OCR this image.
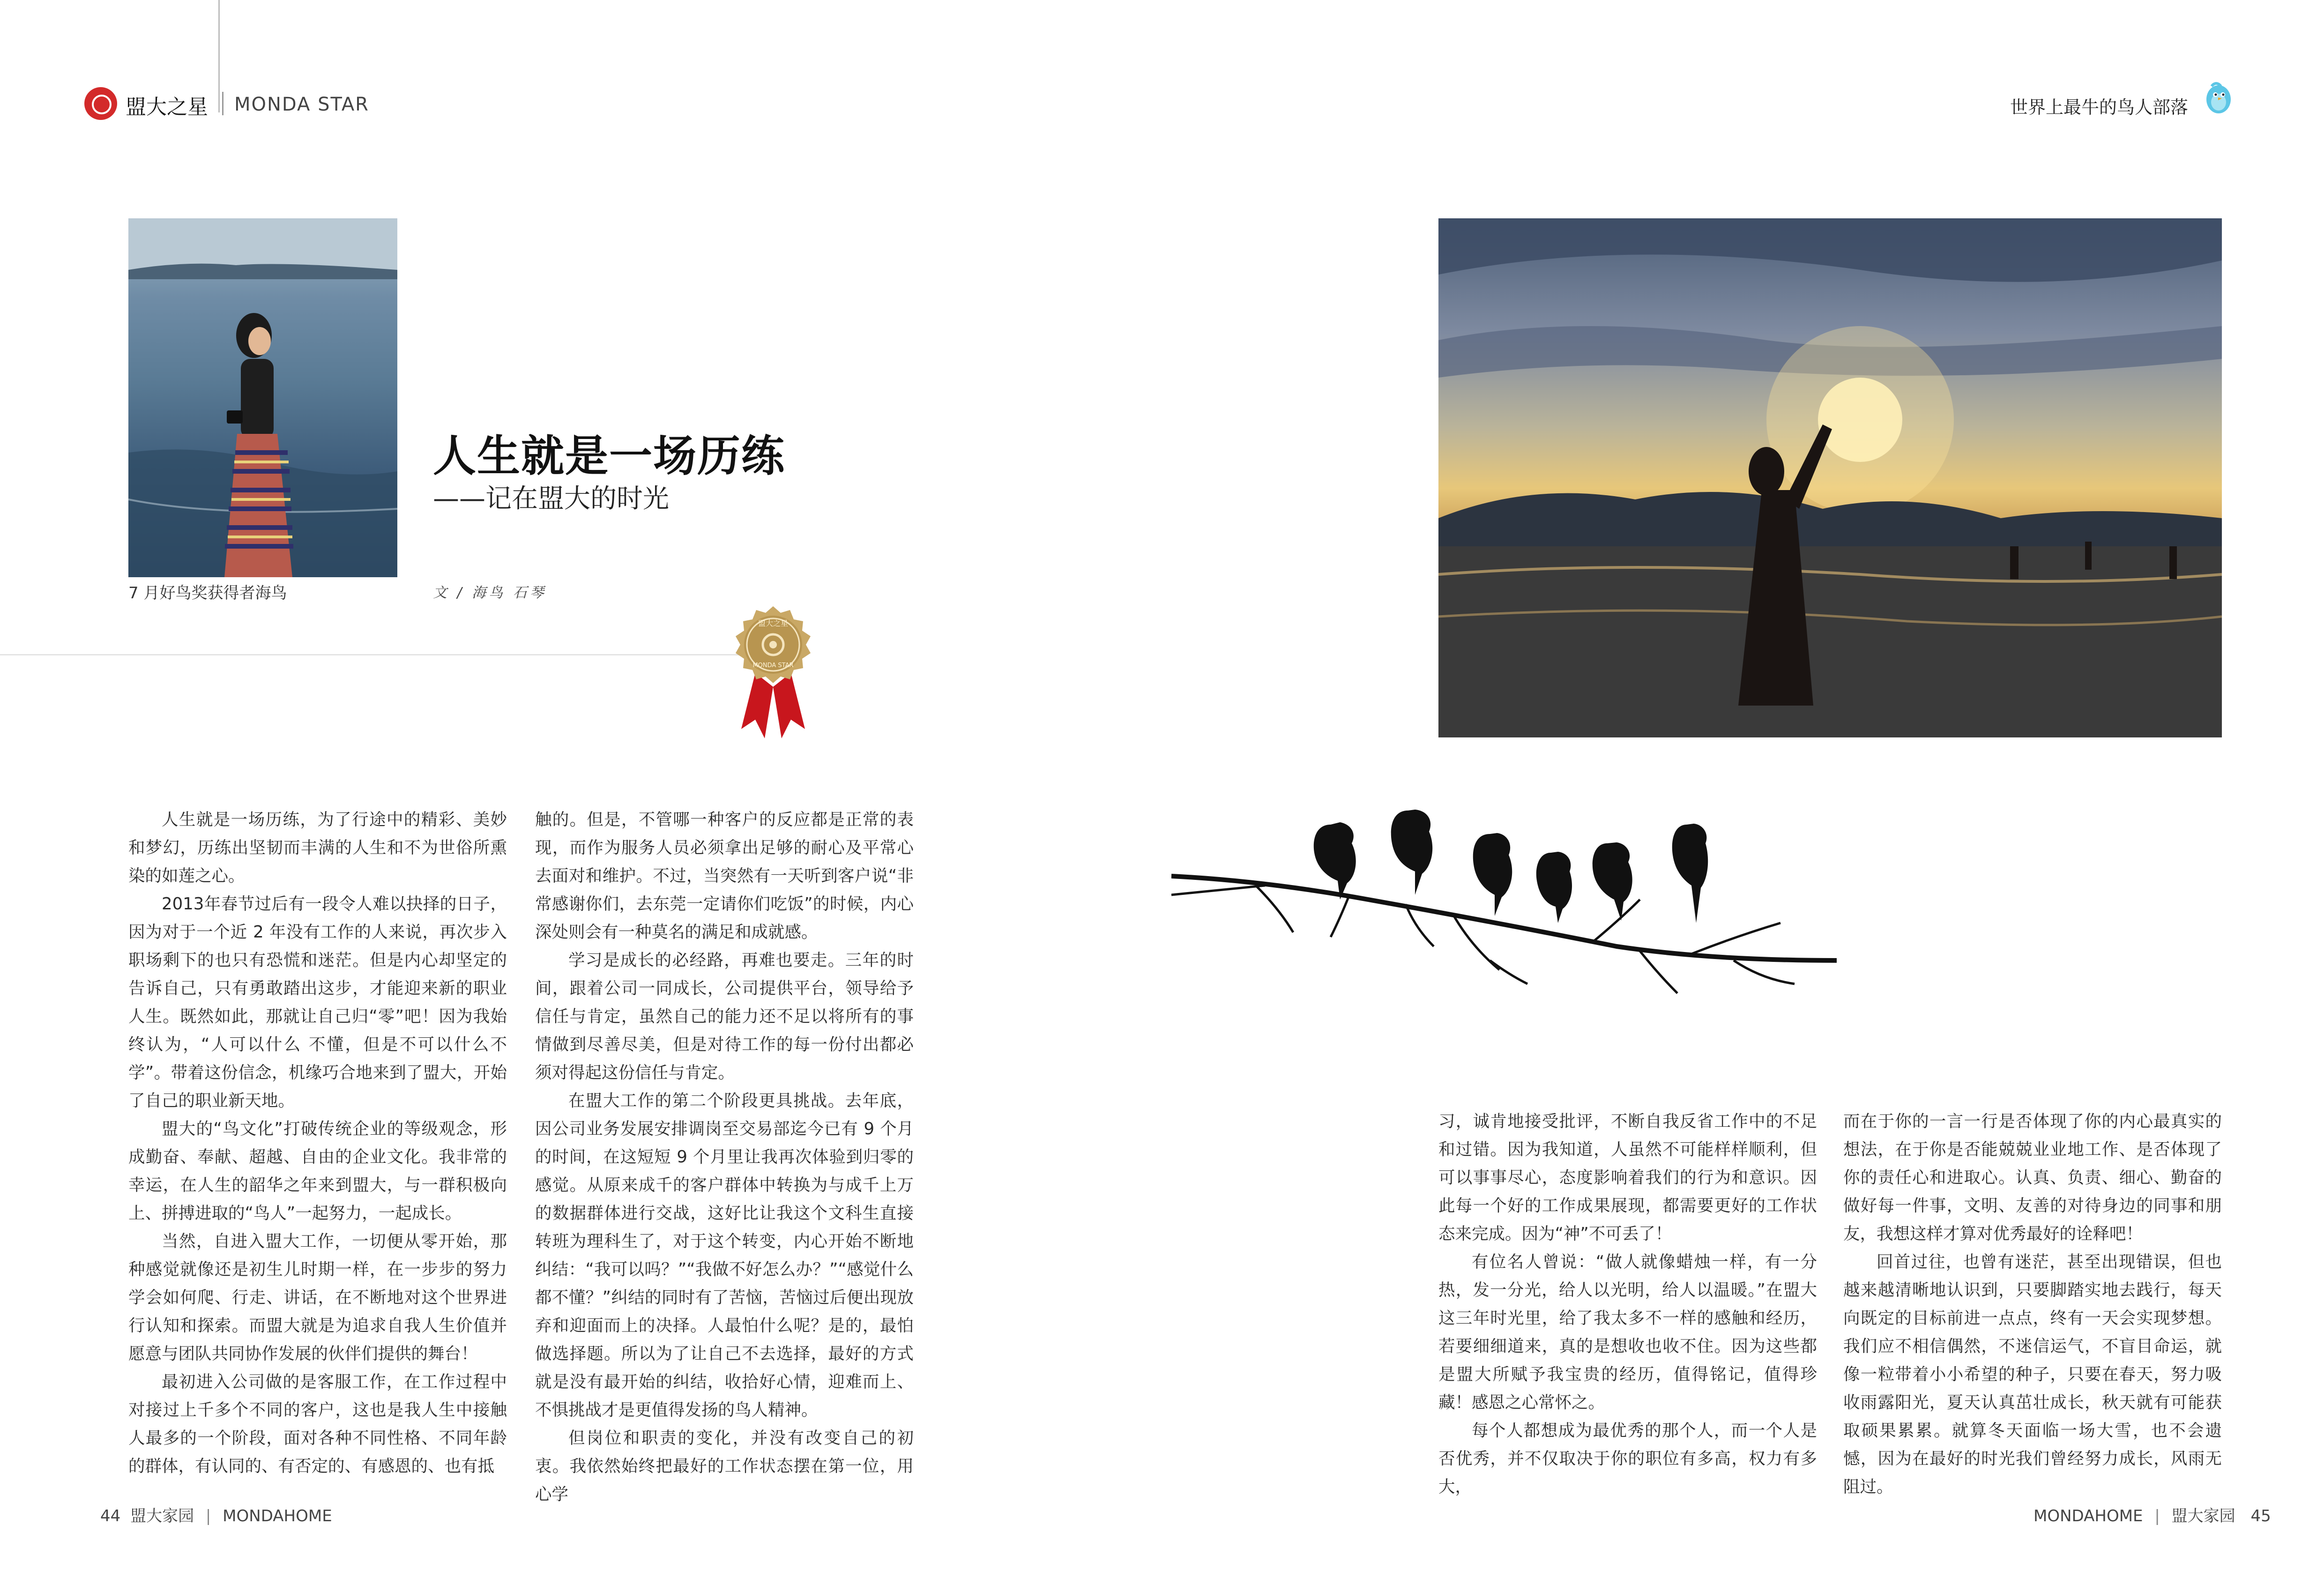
盟大之星 MONDA STAR	世界上最牛的鸟人部落
7 月好鸟奖获得者海鸟
人生就是一场历练
——记在盟大的时光
文 / 海鸟 石琴
盟大之星
MONDA STAR

人生就是一场历练，为了行途中的精彩、美妙和梦幻，历练出坚韧而丰满的人生和不为世俗所熏染的如莲之心。

2013年春节过后有一段令人难以抉择的日子，因为对于一个近 2 年没有工作的人来说，再次步入职场剩下的也只有恐慌和迷茫。但是内心却坚定的告诉自己，只有勇敢踏出这步，才能迎来新的职业人生。既然如此，那就让自己归“零”吧！因为我始终认为，“人可以什么 不懂，但是不可以什么不学”。带着这份信念，机缘巧合地来到了盟大，开始了自己的职业新天地。

盟大的“鸟文化”打破传统企业的等级观念，形成勤奋、奉献、超越、自由的企业文化。我非常的幸运，在人生的韶华之年来到盟大，与一群积极向上、拼搏进取的“鸟人”一起努力，一起成长。

当然，自进入盟大工作，一切便从零开始，那种感觉就像还是初生儿时期一样，在一步步的努力学会如何爬、行走、讲话，在不断地对这个世界进行认知和探索。而盟大就是为追求自我人生价值并愿意与团队共同协作发展的伙伴们提供的舞台！

最初进入公司做的是客服工作，在工作过程中对接过上千多个不同的客户，这也是我人生中接触人最多的一个阶段，面对各种不同性格、不同年龄的群体，有认同的、有否定的、有感恩的、也有抵

触的。但是，不管哪一种客户的反应都是正常的表现，而作为服务人员必须拿出足够的耐心及平常心去面对和维护。不过，当突然有一天听到客户说“非常感谢你们，去东莞一定请你们吃饭”的时候，内心深处则会有一种莫名的满足和成就感。

学习是成长的必经路，再难也要走。三年的时间，跟着公司一同成长，公司提供平台，领导给予信任与肯定，虽然自己的能力还不足以将所有的事情做到尽善尽美，但是对待工作的每一份付出都必须对得起这份信任与肯定。

在盟大工作的第二个阶段更具挑战。去年底，因公司业务发展安排调岗至交易部迄今已有 9 个月的时间，在这短短 9 个月里让我再次体验到归零的感觉。从原来成千的客户群体中转换为与成千上万的数据群体进行交战，这好比让我这个文科生直接转班为理科生了，对于这个转变，内心开始不断地纠结：“我可以吗？”“我做不好怎么办？”“感觉什么都不懂？”纠结的同时有了苦恼，苦恼过后便出现放弃和迎面而上的决择。人最怕什么呢？是的，最怕做选择题。所以为了让自己不去选择，最好的方式就是没有最开始的纠结，收拾好心情，迎难而上、不惧挑战才是更值得发扬的鸟人精神。

但岗位和职责的变化，并没有改变自己的初衷。我依然始终把最好的工作状态摆在第一位，用心学

习，诚肯地接受批评，不断自我反省工作中的不足和过错。因为我知道，人虽然不可能样样顺利，但可以事事尽心，态度影响着我们的行为和意识。因此每一个好的工作成果展现，都需要更好的工作状态来完成。因为“神”不可丢了！

有位名人曾说：“做人就像蜡烛一样，有一分热，发一分光，给人以光明，给人以温暖。”在盟大这三年时光里，给了我太多不一样的感触和经历，若要细细道来，真的是想收也收不住。因为这些都是盟大所赋予我宝贵的经历，值得铭记，值得珍藏！感恩之心常怀之。

每个人都想成为最优秀的那个人，而一个人是否优秀，并不仅取决于你的职位有多高，权力有多大，

而在于你的一言一行是否体现了你的内心最真实的想法，在于你是否能兢兢业业地工作、是否体现了你的责任心和进取心。认真、负责、细心、勤奋的做好每一件事，文明、友善的对待身边的同事和朋友，我想这样才算对优秀最好的诠释吧！

回首过往，也曾有迷茫，甚至出现错误，但也越来越清晰地认识到，只要脚踏实地去践行，每天向既定的目标前进一点点，终有一天会实现梦想。我们应不相信偶然，不迷信运气，不盲目命运，就像一粒带着小小希望的种子，只要在春天，努力吸收雨露阳光，夏天认真茁壮成长，秋天就有可能获取硕果累累。就算冬天面临一场大雪，也不会遗憾，因为在最好的时光我们曾经努力成长，风雨无阻过。

44 盟大家园 | MONDAHOME	MONDAHOME | 盟大家园 45
